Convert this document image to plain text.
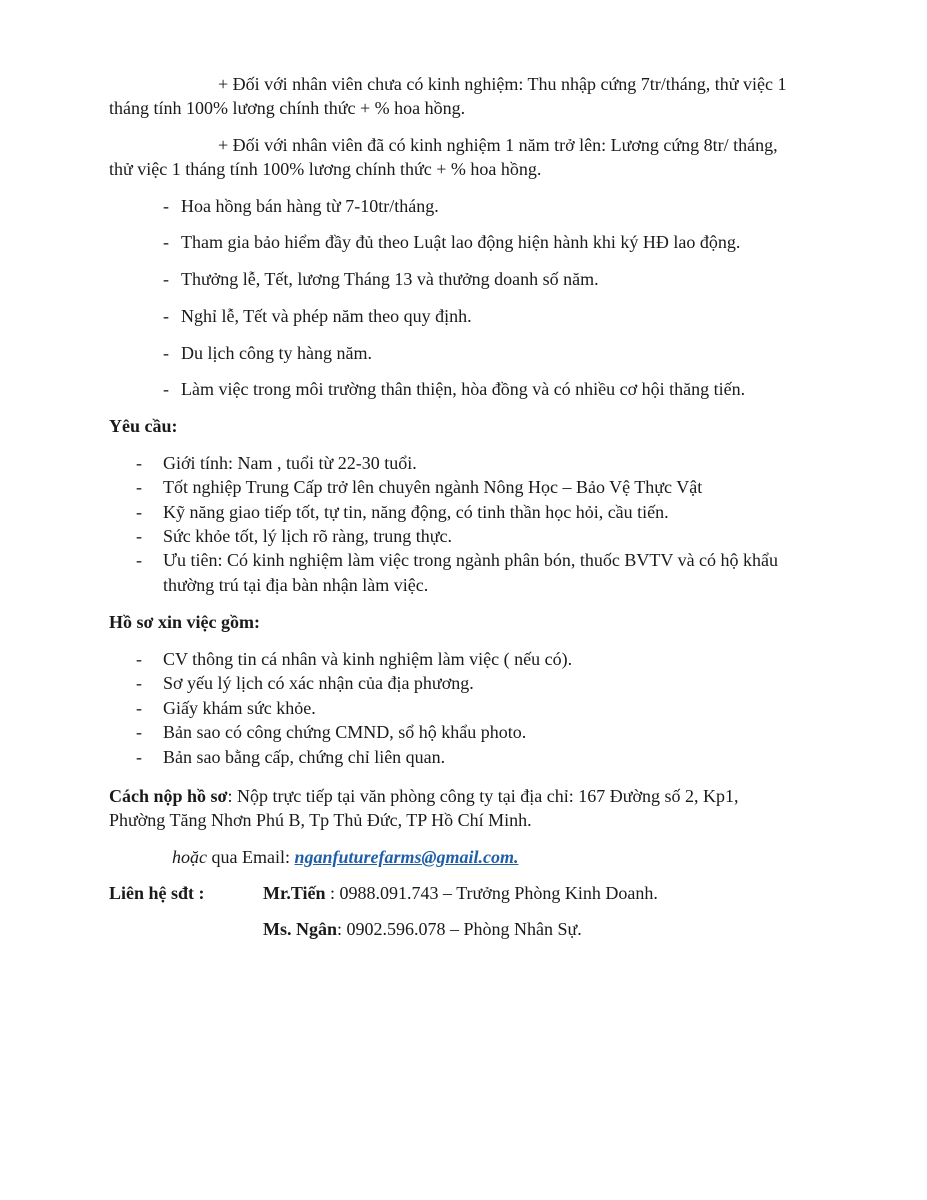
+ Đối với nhân viên chưa có kinh nghiệm: Thu nhập cứng 7tr/tháng, thử việc 1

tháng tính 100% lương chính thức + % hoa hồng.

+ Đối với nhân viên đã có kinh nghiệm 1 năm trở lên: Lương cứng 8tr/ tháng,

thử việc 1 tháng tính 100% lương chính thức + % hoa hồng.

- Hoa hồng bán hàng từ 7-10tr/tháng.
- Tham gia bảo hiểm đầy đủ theo Luật lao động hiện hành khi ký HĐ lao động.
- Thưởng lễ, Tết, lương Tháng 13 và thưởng doanh số năm.
- Nghỉ lễ, Tết và phép năm theo quy định.
- Du lịch công ty hàng năm.
- Làm việc trong môi trường thân thiện, hòa đồng và có nhiều cơ hội thăng tiến.

Yêu cầu:

- Giới tính: Nam , tuổi từ 22-30 tuổi.
- Tốt nghiệp Trung Cấp trở lên chuyên ngành Nông Học – Bảo Vệ Thực Vật
- Kỹ năng giao tiếp tốt, tự tin, năng động, có tinh thần học hỏi, cầu tiến.
- Sức khỏe tốt, lý lịch rõ ràng, trung thực.
- Ưu tiên: Có kinh nghiệm làm việc trong ngành phân bón, thuốc BVTV và có hộ khẩu
thường trú tại địa bàn nhận làm việc.

Hồ sơ xin việc gồm:

- CV thông tin cá nhân và kinh nghiệm làm việc ( nếu có).
- Sơ yếu lý lịch có xác nhận của địa phương.
- Giấy khám sức khỏe.
- Bản sao có công chứng CMND, sổ hộ khẩu photo.
- Bản sao bằng cấp, chứng chỉ liên quan.

Cách nộp hồ sơ: Nộp trực tiếp tại văn phòng công ty tại địa chỉ: 167 Đường số 2, Kp1,

Phường Tăng Nhơn Phú B, Tp Thủ Đức, TP Hồ Chí Minh.

hoặc qua Email: nganfuturefarms@gmail.com.

Liên hệ sđt :	Mr.Tiến : 0988.091.743 – Trưởng Phòng Kinh Doanh.

Ms. Ngân: 0902.596.078 – Phòng Nhân Sự.
